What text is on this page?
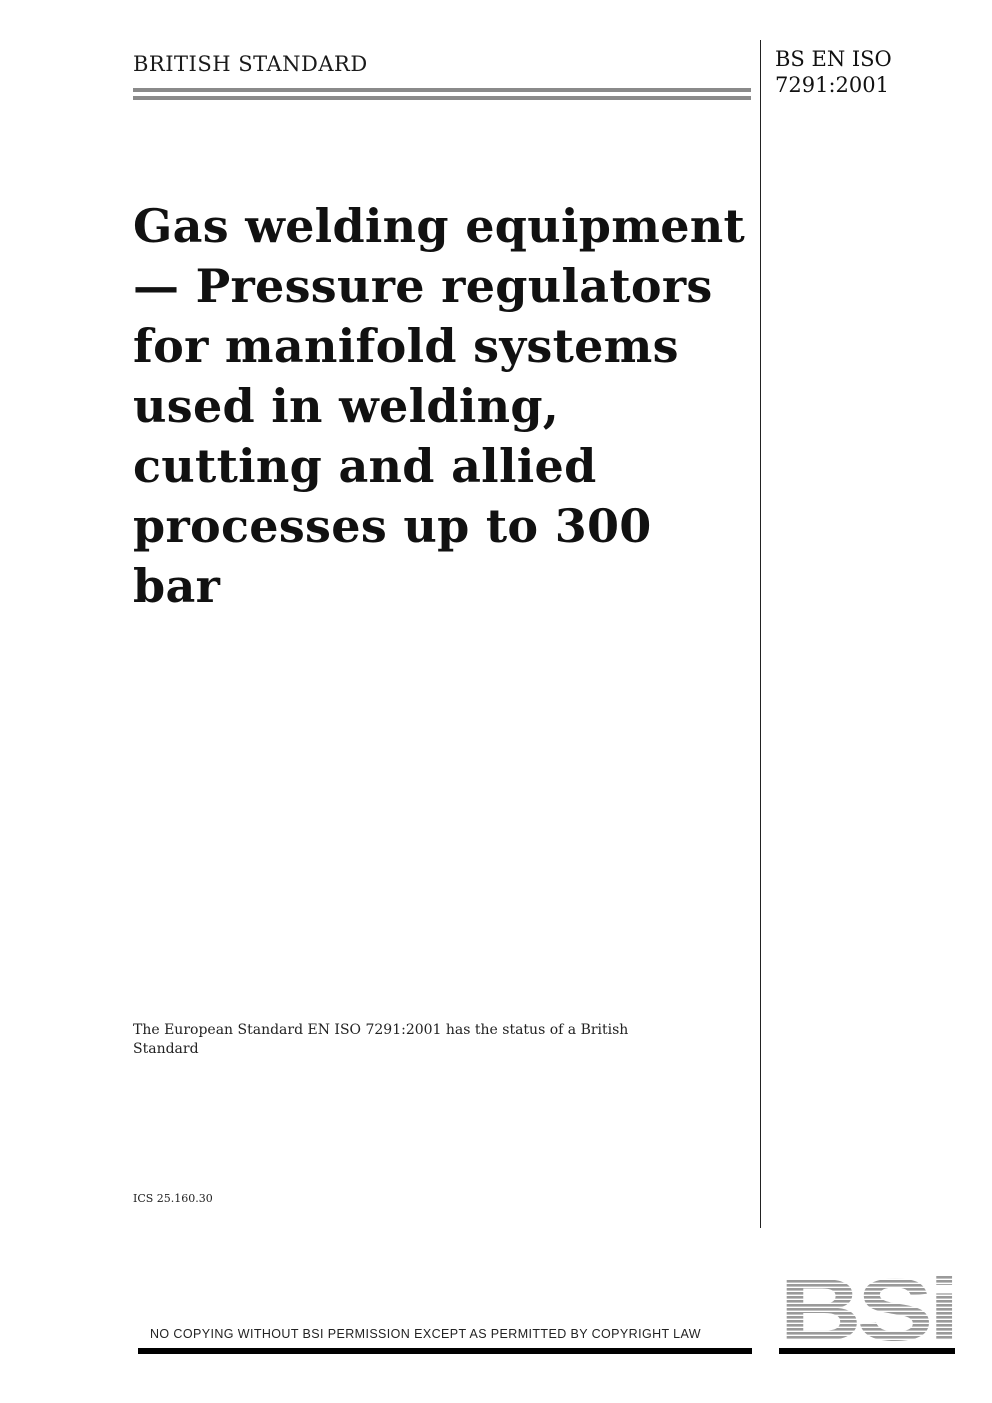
BRITISH STANDARD	BS EN ISO
7291:2001
Gas welding equipment — Pressure regulators for manifold systems used in welding, cutting and allied processes up to 300 bar
The European Standard EN ISO 7291:2001 has the status of a British Standard
ICS 25.160.30
NO COPYING WITHOUT BSI PERMISSION EXCEPT AS PERMITTED BY COPYRIGHT LAW BSi
